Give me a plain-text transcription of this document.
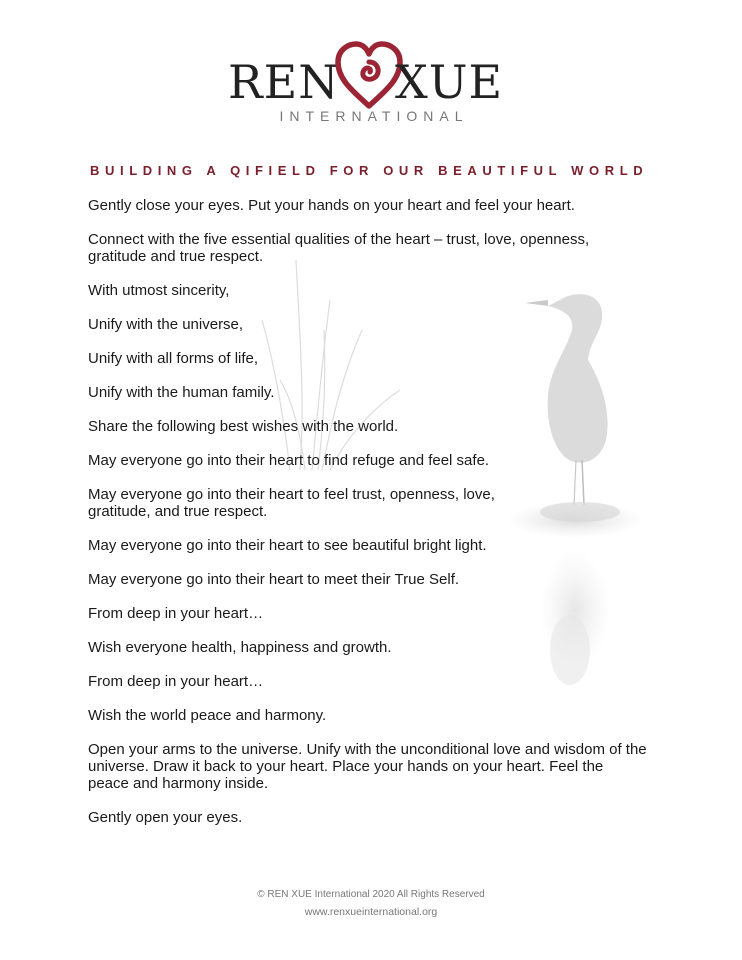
REN XUE
INTERNATIONAL
BUILDING A QIFIELD FOR OUR BEAUTIFUL WORLD

Gently close your eyes. Put your hands on your heart and feel your heart.

Connect with the five essential qualities of the heart – trust, love, openness, gratitude and true respect.

With utmost sincerity,

Unify with the universe,

Unify with all forms of life,

Unify with the human family.

Share the following best wishes with the world.

May everyone go into their heart to find refuge and feel safe.

May everyone go into their heart to feel trust, openness, love, gratitude, and true respect.

May everyone go into their heart to see beautiful bright light.

May everyone go into their heart to meet their True Self.

From deep in your heart…

Wish everyone health, happiness and growth.

From deep in your heart…

Wish the world peace and harmony.

Open your arms to the universe. Unify with the unconditional love and wisdom of the universe. Draw it back to your heart. Place your hands on your heart. Feel the peace and harmony inside.

Gently open your eyes.

© REN XUE International 2020 All Rights Reserved
www.renxueinternational.org
